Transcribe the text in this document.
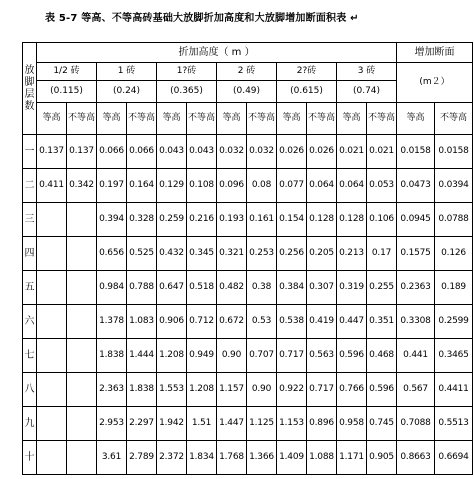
表 5-7 等高、不等高砖基础大放脚折加高度和大放脚增加断面积表 ↵
放
脚
层
数	折加高度（ m ）												增加断面	
	1/2 砖		1 砖		1?砖		2 砖		2?砖		3 砖		(m２）	
	(0.115)		(0.24)		(0.365)		(0.49)		(0.615)		(0.74)			
	等高	不等高	等高	不等高	等高	不等高	等高	不等高	等高	不等高	等高	不等高	等高	不等高
一	0.137	0.137	0.066	0.066	0.043	0.043	0.032	0.032	0.026	0.026	0.021	0.021	0.0158	0.0158
二	0.411	0.342	0.197	0.164	0.129	0.108	0.096	0.08	0.077	0.064	0.064	0.053	0.0473	0.0394
三			0.394	0.328	0.259	0.216	0.193	0.161	0.154	0.128	0.128	0.106	0.0945	0.0788
四			0.656	0.525	0.432	0.345	0.321	0.253	0.256	0.205	0.213	0.17	0.1575	0.126
五			0.984	0.788	0.647	0.518	0.482	0.38	0.384	0.307	0.319	0.255	0.2363	0.189
六			1.378	1.083	0.906	0.712	0.672	0.53	0.538	0.419	0.447	0.351	0.3308	0.2599
七			1.838	1.444	1.208	0.949	0.90	0.707	0.717	0.563	0.596	0.468	0.441	0.3465
八			2.363	1.838	1.553	1.208	1.157	0.90	0.922	0.717	0.766	0.596	0.567	0.4411
九			2.953	2.297	1.942	1.51	1.447	1.125	1.153	0.896	0.958	0.745	0.7088	0.5513
十			3.61	2.789	2.372	1.834	1.768	1.366	1.409	1.088	1.171	0.905	0.8663	0.6694
